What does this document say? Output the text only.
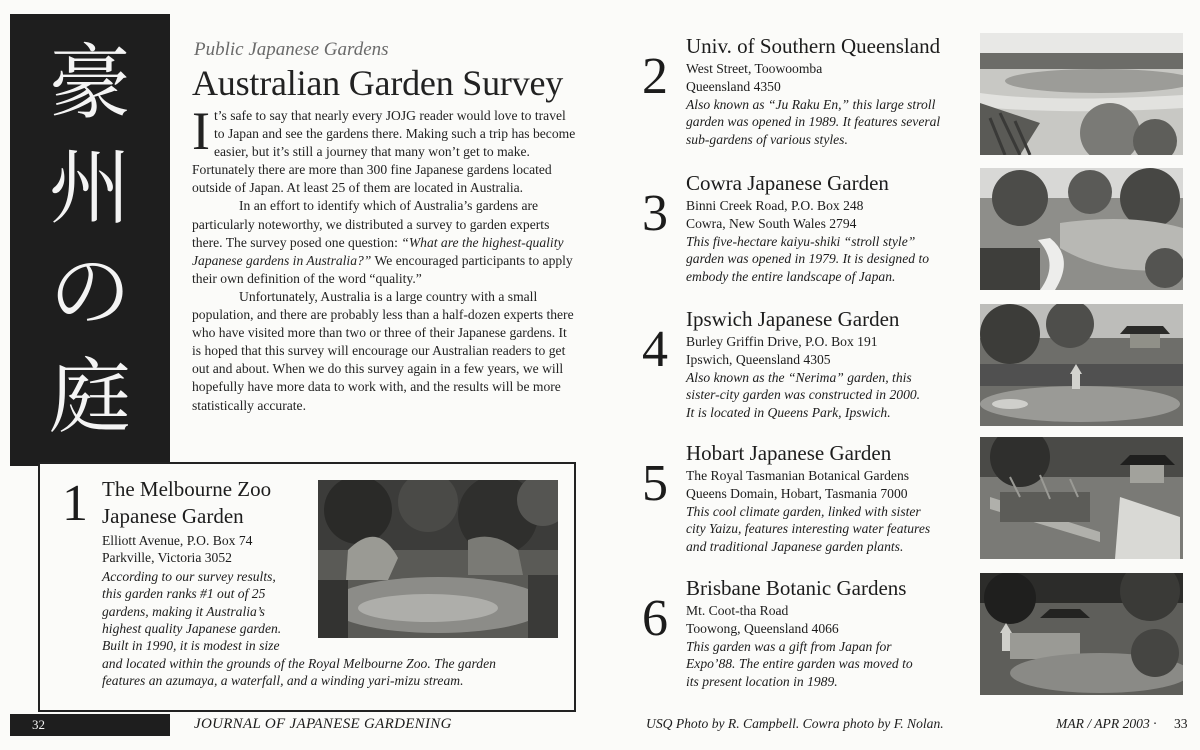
豪
州
の
庭
Public Japanese Gardens
Australian Garden Survey

It’s safe to say that nearly every JOJG reader would love to travel to Japan and see the gardens there. Making such a trip has become easier, but it’s still a journey that many won’t get to make. Fortunately there are more than 300 fine Japanese gardens located outside of Japan. At least 25 of them are located in Australia.

In an effort to identify which of Australia’s gardens are particularly noteworthy, we distributed a survey to garden experts there. The survey posed one question: “What are the highest-quality Japanese gardens in Australia?” We encouraged participants to apply their own definition of the word “quality.”

Unfortunately, Australia is a large country with a small population, and there are probably less than a half-dozen experts there who have visited more than two or three of their Japanese gardens. It is hoped that this survey will encourage our Australian readers to get out and about. When we do this survey again in a few years, we will hopefully have more data to work with, and the results will be more statistically accurate.

1 The Melbourne Zoo
Japanese Garden
Elliott Avenue, P.O. Box 74
Parkville, Victoria 3052
According to our survey results,
this garden ranks #1 out of 25
gardens, making it Australia’s
highest quality Japanese garden.
Built in 1990, it is modest in size
and located within the grounds of the Royal Melbourne Zoo. The garden
features an azumaya, a waterfall, and a winding yari-mizu stream.
32	JOURNAL OF JAPANESE GARDENING
2
Univ. of Southern Queensland
West Street, Toowoomba
Queensland 4350
Also known as “Ju Raku En,” this large stroll
garden was opened in 1989. It features several
sub-gardens of various styles.
3
Cowra Japanese Garden
Binni Creek Road, P.O. Box 248
Cowra, New South Wales 2794
This five-hectare kaiyu-shiki “stroll style”
garden was opened in 1979. It is designed to
embody the entire landscape of Japan.
4
Ipswich Japanese Garden
Burley Griffin Drive, P.O. Box 191
Ipswich, Queensland 4305
Also known as the “Nerima” garden, this
sister-city garden was constructed in 2000.
It is located in Queens Park, Ipswich.
5
Hobart Japanese Garden
The Royal Tasmanian Botanical Gardens
Queens Domain, Hobart, Tasmania 7000
This cool climate garden, linked with sister
city Yaizu, features interesting water features
and traditional Japanese garden plants.
6
Brisbane Botanic Gardens
Mt. Coot-tha Road
Toowong, Queensland 4066
This garden was a gift from Japan for
Expo’88. The entire garden was moved to
its present location in 1989.
USQ Photo by R. Campbell. Cowra photo by F. Nolan.	MAR / APR 2003 · 33
